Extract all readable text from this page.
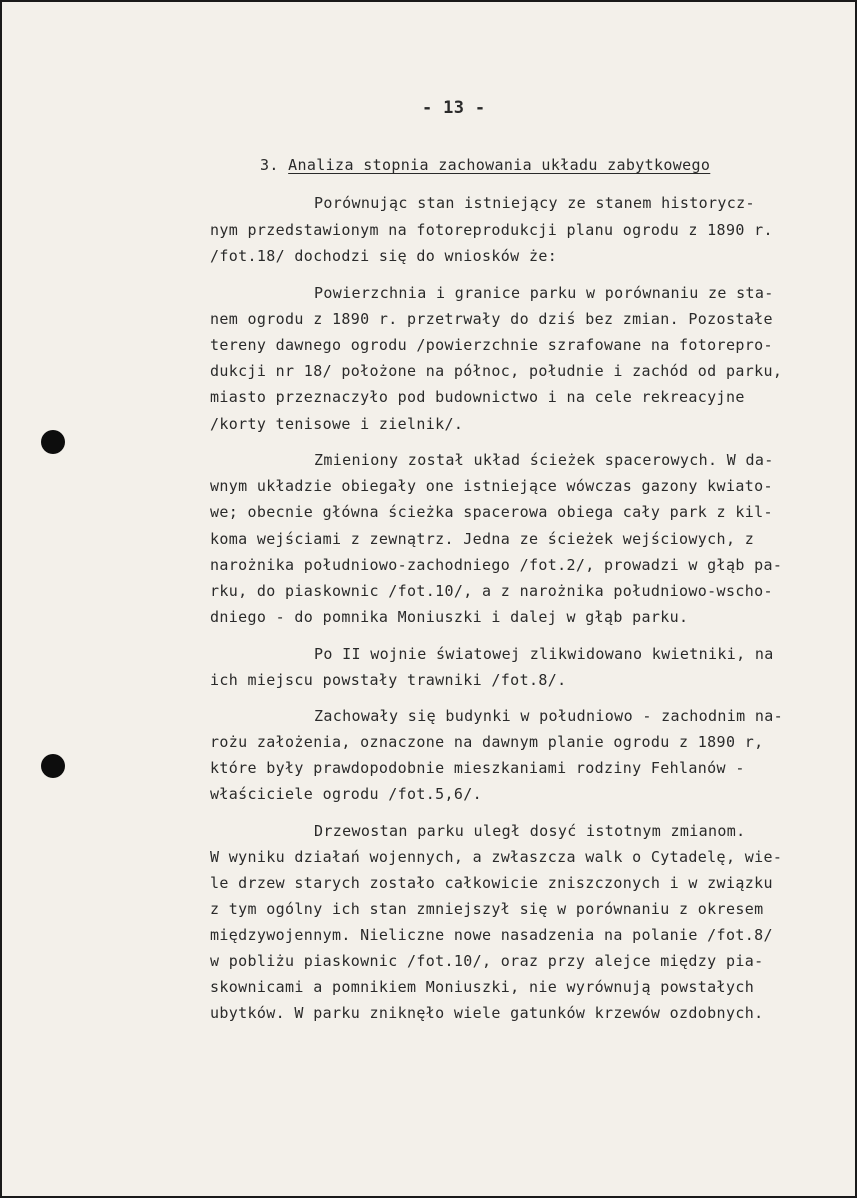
- 13 -
3. Analiza stopnia zachowania układu zabytkowego
Porównując stan istniejący ze stanem historycz-
nym przedstawionym na fotoreprodukcji planu ogrodu z 1890 r.
/fot.18/ dochodzi się do wniosków że:
Powierzchnia i granice parku w porównaniu ze sta-
nem ogrodu z 1890 r. przetrwały do dziś bez zmian. Pozostałe
tereny dawnego ogrodu /powierzchnie szrafowane na fotorepro-
dukcji nr 18/ położone na północ, południe i zachód od parku,
miasto przeznaczyło pod budownictwo i na cele rekreacyjne
/korty tenisowe i zielnik/.
Zmieniony został układ ścieżek spacerowych. W da-
wnym układzie obiegały one istniejące wówczas gazony kwiato-
we; obecnie główna ścieżka spacerowa obiega cały park z kil-
koma wejściami z zewnątrz. Jedna ze ścieżek wejściowych, z
narożnika południowo-zachodniego /fot.2/, prowadzi w głąb pa-
rku, do piaskownic /fot.10/, a z narożnika południowo-wscho-
dniego - do pomnika Moniuszki i dalej w głąb parku.
Po II wojnie światowej zlikwidowano kwietniki, na
ich miejscu powstały trawniki /fot.8/.
Zachowały się budynki w południowo - zachodnim na-
rożu założenia, oznaczone na dawnym planie ogrodu z 1890 r,
które były prawdopodobnie mieszkaniami rodziny Fehlanów -
właściciele ogrodu /fot.5,6/.
Drzewostan parku uległ dosyć istotnym zmianom.
W wyniku działań wojennych, a zwłaszcza walk o Cytadelę, wie-
le drzew starych zostało całkowicie zniszczonych i w związku
z tym ogólny ich stan zmniejszył się w porównaniu z okresem
międzywojennym. Nieliczne nowe nasadzenia na polanie /fot.8/
w pobliżu piaskownic /fot.10/, oraz przy alejce między pia-
skownicami a pomnikiem Moniuszki, nie wyrównują powstałych
ubytków. W parku zniknęło wiele gatunków krzewów ozdobnych.
